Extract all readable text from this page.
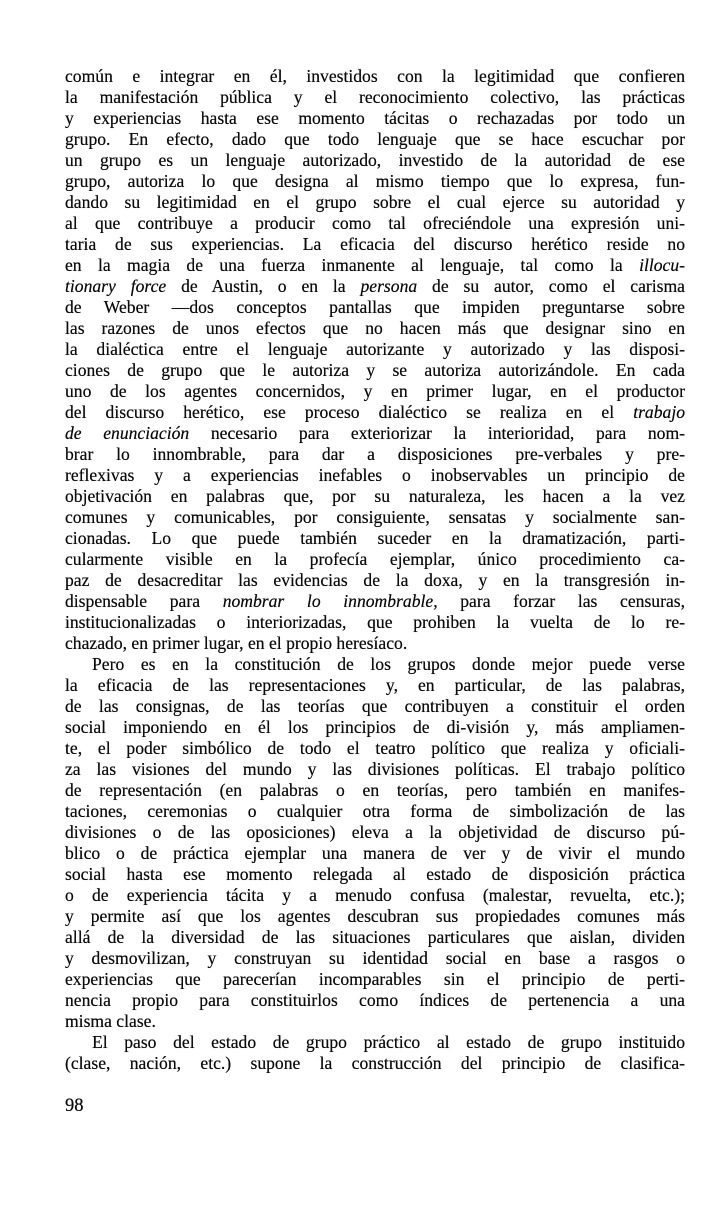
común e integrar en él, investidos con la legitimidad que confieren
la manifestación pública y el reconocimiento colectivo, las prácticas
y experiencias hasta ese momento tácitas o rechazadas por todo un
grupo. En efecto, dado que todo lenguaje que se hace escuchar por
un grupo es un lenguaje autorizado, investido de la autoridad de ese
grupo, autoriza lo que designa al mismo tiempo que lo expresa, fun-
dando su legitimidad en el grupo sobre el cual ejerce su autoridad y
al que contribuye a producir como tal ofreciéndole una expresión uni-
taria de sus experiencias. La eficacia del discurso herético reside no
en la magia de una fuerza inmanente al lenguaje, tal como la illocu-
tionary force de Austin, o en la persona de su autor, como el carisma
de Weber —dos conceptos pantallas que impiden preguntarse sobre
las razones de unos efectos que no hacen más que designar sino en
la dialéctica entre el lenguaje autorizante y autorizado y las disposi-
ciones de grupo que le autoriza y se autoriza autorizándole. En cada
uno de los agentes concernidos, y en primer lugar, en el productor
del discurso herético, ese proceso dialéctico se realiza en el trabajo
de enunciación necesario para exteriorizar la interioridad, para nom-
brar lo innombrable, para dar a disposiciones pre-verbales y pre-
reflexivas y a experiencias inefables o inobservables un principio de
objetivación en palabras que, por su naturaleza, les hacen a la vez
comunes y comunicables, por consiguiente, sensatas y socialmente san-
cionadas. Lo que puede también suceder en la dramatización, parti-
cularmente visible en la profecía ejemplar, único procedimiento ca-
paz de desacreditar las evidencias de la doxa, y en la transgresión in-
dispensable para nombrar lo innombrable, para forzar las censuras,
institucionalizadas o interiorizadas, que prohiben la vuelta de lo re-
chazado, en primer lugar, en el propio heresíaco.
Pero es en la constitución de los grupos donde mejor puede verse
la eficacia de las representaciones y, en particular, de las palabras,
de las consignas, de las teorías que contribuyen a constituir el orden
social imponiendo en él los principios de di-visión y, más ampliamen-
te, el poder simbólico de todo el teatro político que realiza y oficiali-
za las visiones del mundo y las divisiones políticas. El trabajo político
de representación (en palabras o en teorías, pero también en manifes-
taciones, ceremonias o cualquier otra forma de simbolización de las
divisiones o de las oposiciones) eleva a la objetividad de discurso pú-
blico o de práctica ejemplar una manera de ver y de vivir el mundo
social hasta ese momento relegada al estado de disposición práctica
o de experiencia tácita y a menudo confusa (malestar, revuelta, etc.);
y permite así que los agentes descubran sus propiedades comunes más
allá de la diversidad de las situaciones particulares que aislan, dividen
y desmovilizan, y construyan su identidad social en base a rasgos o
experiencias que parecerían incomparables sin el principio de perti-
nencia propio para constituirlos como índices de pertenencia a una
misma clase.
El paso del estado de grupo práctico al estado de grupo instituido
(clase, nación, etc.) supone la construcción del principio de clasifica-
98
